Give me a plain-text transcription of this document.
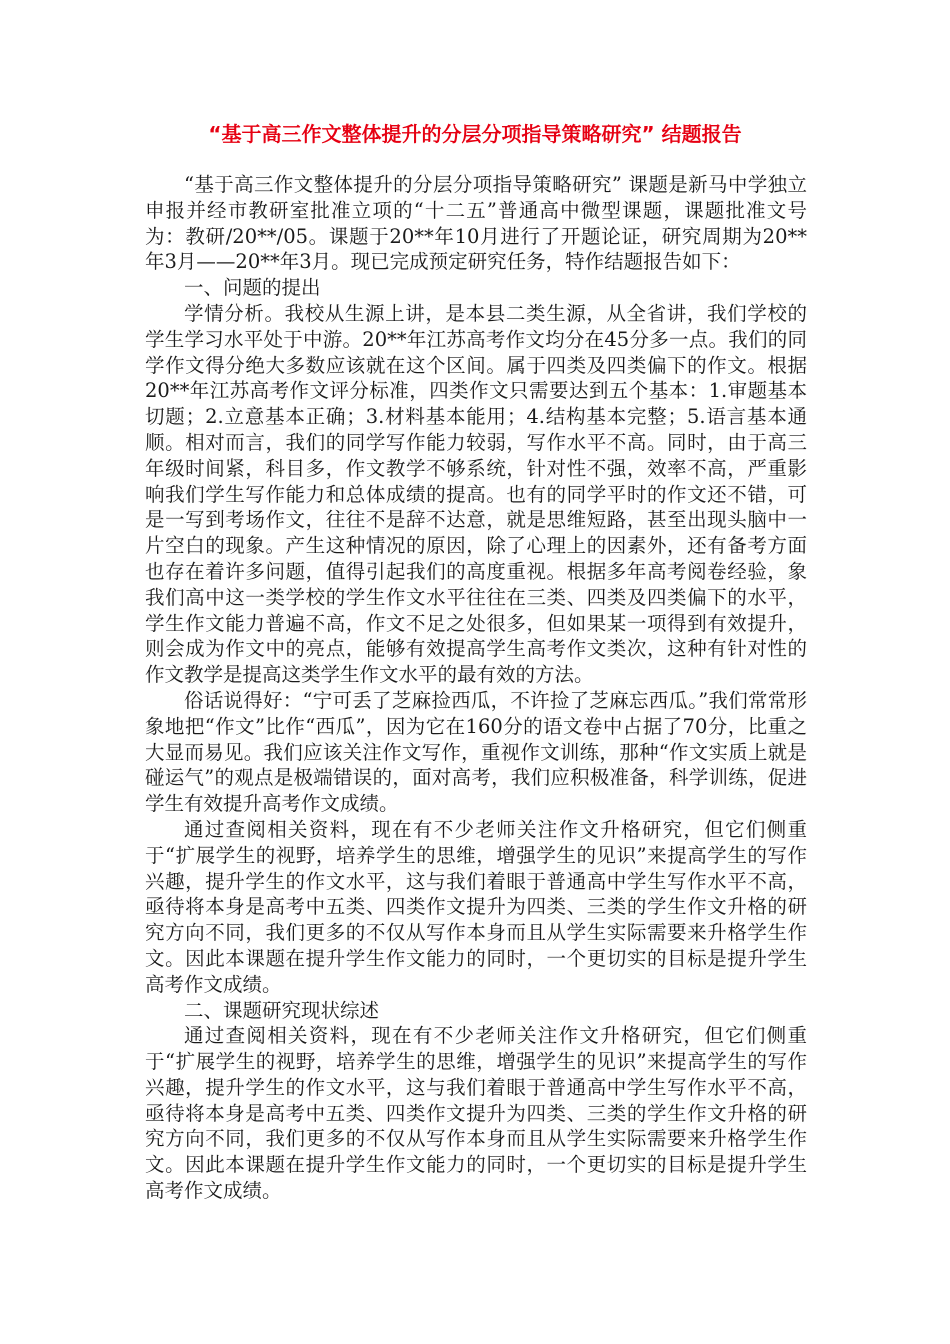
“基于高三作文整体提升的分层分项指导策略研究” 结题报告

“基于高三作文整体提升的分层分项指导策略研究” 课题是新马中学独立申报并经市教研室批准立项的“十二五”普通高中微型课题，课题批准文号为：教研/20**/05。课题于20**年10月进行了开题论证，研究周期为20**年3月——20**年3月。现已完成预定研究任务，特作结题报告如下：

一、问题的提出

学情分析。我校从生源上讲，是本县二类生源，从全省讲，我们学校的学生学习水平处于中游。20**年江苏高考作文均分在45分多一点。我们的同学作文得分绝大多数应该就在这个区间。属于四类及四类偏下的作文。根据20**年江苏高考作文评分标准，四类作文只需要达到五个基本：1.审题基本切题；2.立意基本正确；3.材料基本能用；4.结构基本完整；5.语言基本通顺。相对而言，我们的同学写作能力较弱，写作水平不高。同时，由于高三年级时间紧，科目多，作文教学不够系统，针对性不强，效率不高，严重影响我们学生写作能力和总体成绩的提高。也有的同学平时的作文还不错，可是一写到考场作文，往往不是辞不达意，就是思维短路，甚至出现头脑中一片空白的现象。产生这种情况的原因，除了心理上的因素外，还有备考方面也存在着许多问题，值得引起我们的高度重视。根据多年高考阅卷经验，象我们高中这一类学校的学生作文水平往往在三类、四类及四类偏下的水平，学生作文能力普遍不高，作文不足之处很多，但如果某一项得到有效提升，则会成为作文中的亮点，能够有效提高学生高考作文类次，这种有针对性的作文教学是提高这类学生作文水平的最有效的方法。

俗话说得好：“宁可丢了芝麻捡西瓜，不许捡了芝麻忘西瓜。”我们常常形象地把“作文”比作“西瓜”，因为它在160分的语文卷中占据了70分，比重之大显而易见。我们应该关注作文写作，重视作文训练，那种“作文实质上就是碰运气”的观点是极端错误的，面对高考，我们应积极准备，科学训练，促进学生有效提升高考作文成绩。

通过查阅相关资料，现在有不少老师关注作文升格研究，但它们侧重于“扩展学生的视野，培养学生的思维，增强学生的见识”来提高学生的写作兴趣，提升学生的作文水平，这与我们着眼于普通高中学生写作水平不高，亟待将本身是高考中五类、四类作文提升为四类、三类的学生作文升格的研究方向不同，我们更多的不仅从写作本身而且从学生实际需要来升格学生作文。因此本课题在提升学生作文能力的同时，一个更切实的目标是提升学生高考作文成绩。

二、课题研究现状综述

通过查阅相关资料，现在有不少老师关注作文升格研究，但它们侧重于“扩展学生的视野，培养学生的思维，增强学生的见识”来提高学生的写作兴趣，提升学生的作文水平，这与我们着眼于普通高中学生写作水平不高，亟待将本身是高考中五类、四类作文提升为四类、三类的学生作文升格的研究方向不同，我们更多的不仅从写作本身而且从学生实际需要来升格学生作文。因此本课题在提升学生作文能力的同时，一个更切实的目标是提升学生高考作文成绩。
